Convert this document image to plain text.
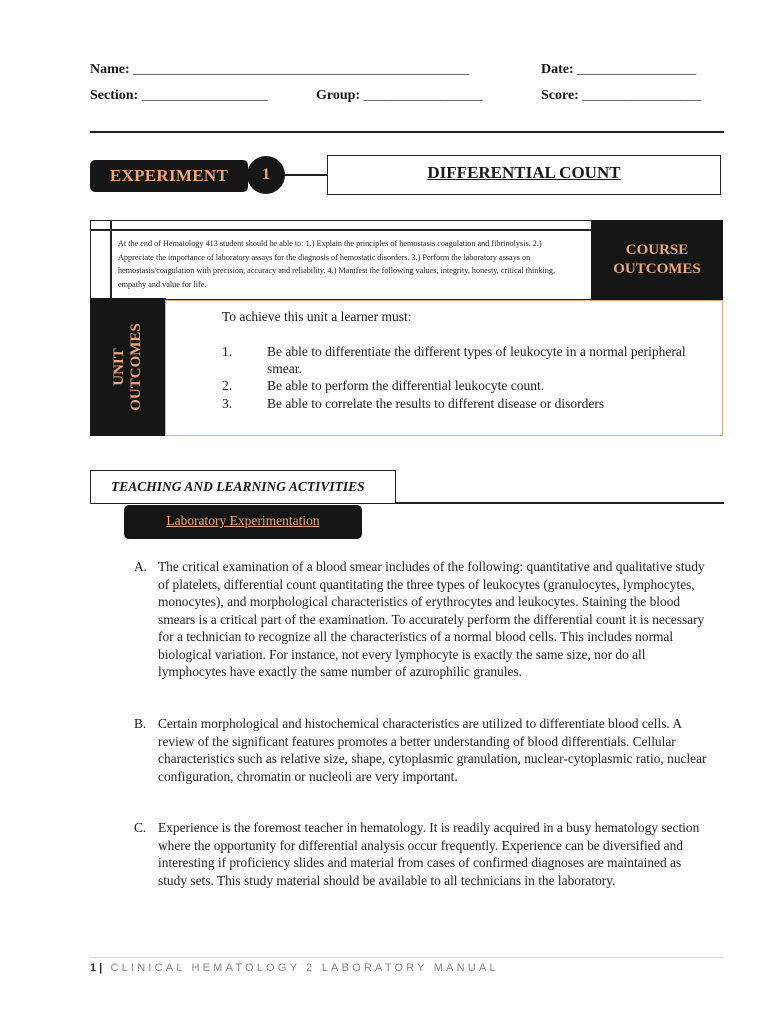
Name: ________________________________________________	Date: _________________
Section: __________________	Group: _________________	Score: _________________
EXPERIMENT	1	DIFFERENTIAL COUNT
At the end of Hematology 413 student should be able to: 1.) Explain the principles of hemostasis coagulation and fibrinolysis. 2.) Appreciate the importance of laboratory assays for the diagnosis of hemostatic disorders. 3.) Perform the laboratory assays on hemostasis/coagulation with precision, accuracy and reliability. 4.) Manifest the following values, integrity, honesty, critical thinking, empathy and value for life.
COURSE
OUTCOMES
UNIT OUTCOMES
To achieve this unit a learner must:
1.	Be able to differentiate the different types of leukocyte in a normal peripheral smear.
2.	Be able to perform the differential leukocyte count.
3.	Be able to correlate the results to different disease or disorders
TEACHING AND LEARNING ACTIVITIES
Laboratory Experimentation
A. The critical examination of a blood smear includes of the following: quantitative and qualitative study of platelets, differential count quantitating the three types of leukocytes (granulocytes, lymphocytes, monocytes), and morphological characteristics of erythrocytes and leukocytes. Staining the blood smears is a critical part of the examination. To accurately perform the differential count it is necessary for a technician to recognize all the characteristics of a normal blood cells. This includes normal biological variation. For instance, not every lymphocyte is exactly the same size, nor do all lymphocytes have exactly the same number of azurophilic granules.
B. Certain morphological and histochemical characteristics are utilized to differentiate blood cells. A review of the significant features promotes a better understanding of blood differentials. Cellular characteristics such as relative size, shape, cytoplasmic granulation, nuclear-cytoplasmic ratio, nuclear configuration, chromatin or nucleoli are very important.
C. Experience is the foremost teacher in hematology. It is readily acquired in a busy hematology section where the opportunity for differential analysis occur frequently. Experience can be diversified and interesting if proficiency slides and material from cases of confirmed diagnoses are maintained as study sets. This study material should be available to all technicians in the laboratory.
1 | CLINICAL HEMATOLOGY 2 LABORATORY MANUAL
